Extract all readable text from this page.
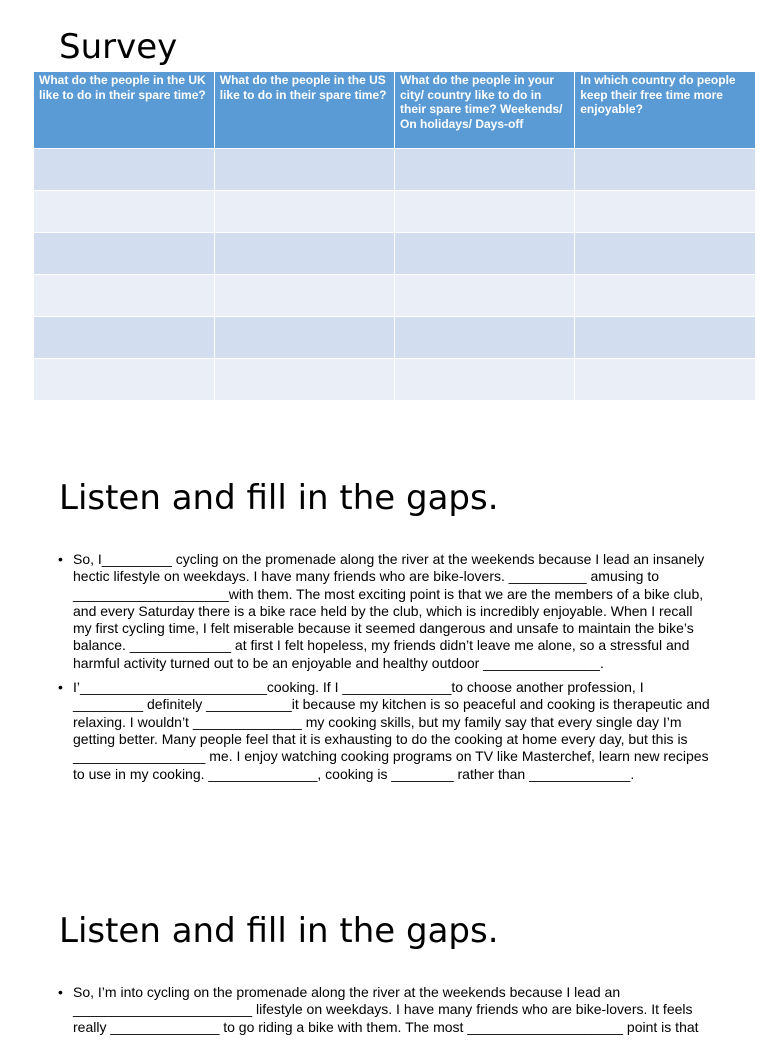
Survey
What do the people in the UK like to do in their spare time?	What do the people in the US like to do in their spare time?	What do the people in your city/ country like to do in their spare time? Weekends/ On holidays/ Days-off	In which country do people keep their free time more enjoyable?

Listen and fill in the gaps.
• So, I_________ cycling on the promenade along the river at the weekends because I lead an insanely hectic lifestyle on weekdays. I have many friends who are bike-lovers. __________ amusing to ____________________with them. The most exciting point is that we are the members of a bike club, and every Saturday there is a bike race held by the club, which is incredibly enjoyable. When I recall my first cycling time, I felt miserable because it seemed dangerous and unsafe to maintain the bike’s balance. _____________ at first I felt hopeless, my friends didn’t leave me alone, so a stressful and harmful activity turned out to be an enjoyable and healthy outdoor _______________.
• I’________________________cooking. If I ______________to choose another profession, I _________ definitely ___________it because my kitchen is so peaceful and cooking is therapeutic and relaxing. I wouldn’t ______________ my cooking skills, but my family say that every single day I’m getting better. Many people feel that it is exhausting to do the cooking at home every day, but this is _________________ me. I enjoy watching cooking programs on TV like Masterchef, learn new recipes to use in my cooking. ______________, cooking is ________ rather than _____________.
Listen and fill in the gaps.
• So, I’m into cycling on the promenade along the river at the weekends because I lead an _______________________ lifestyle on weekdays. I have many friends who are bike-lovers. It feels really ______________ to go riding a bike with them. The most ____________________ point is that
